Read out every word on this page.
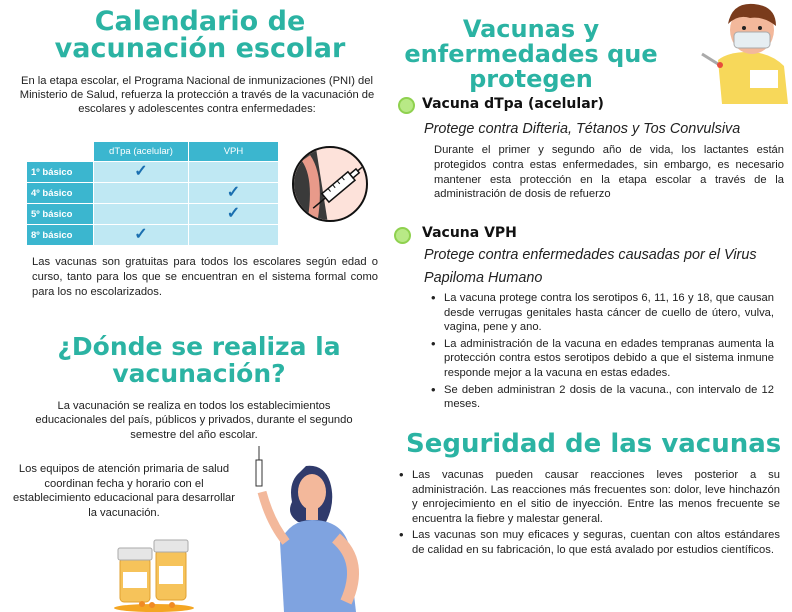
Calendario de vacunación escolar

En la etapa escolar, el Programa Nacional de inmunizaciones (PNI) del Ministerio de Salud, refuerza la protección a través de la vacunación de escolares y adolescentes contra enfermedades:

	dTpa (acelular)	VPH
1º básico	✓	
4º básico		✓
5º básico		✓
8º básico	✓	

Las vacunas son gratuitas para todos los escolares según edad o curso, tanto para los que se encuentran en el sistema formal como para los no escolarizados.

¿Dónde se realiza la vacunación?

La vacunación se realiza en todos los establecimientos educacionales del país, públicos y privados, durante el segundo semestre del año escolar.

Los equipos de atención primaria de salud coordinan fecha y horario con el establecimiento educacional para desarrollar la vacunación.

Vacunas y enfermedades que protegen
Vacuna dTpa (acelular)

Protege contra Difteria, Tétanos y Tos Convulsiva

Durante el primer y segundo año de vida, los lactantes están protegidos contra estas enfermedades, sin embargo, es necesario mantener esta protección en la etapa escolar a través de la administración de dosis de refuerzo

Vacuna VPH

Protege contra enfermedades causadas por el Virus Papiloma Humano

• La vacuna protege contra los serotipos 6, 11, 16 y 18, que causan desde verrugas genitales hasta cáncer de cuello de útero, vulva, vagina, pene y ano.
• La administración de la vacuna en edades tempranas aumenta la protección contra estos serotipos debido a que el sistema inmune responde mejor a la vacuna en estas edades.
• Se deben administran 2 dosis de la vacuna., con intervalo de 12 meses.
Seguridad de las vacunas
• Las vacunas pueden causar reacciones leves posterior a su administración. Las reacciones más frecuentes son: dolor, leve hinchazón y enrojecimiento en el sitio de inyección. Entre las menos frecuente se encuentra la fiebre y malestar general.
• Las vacunas son muy eficaces y seguras, cuentan con altos estándares de calidad en su fabricación, lo que está avalado por estudios científicos.
